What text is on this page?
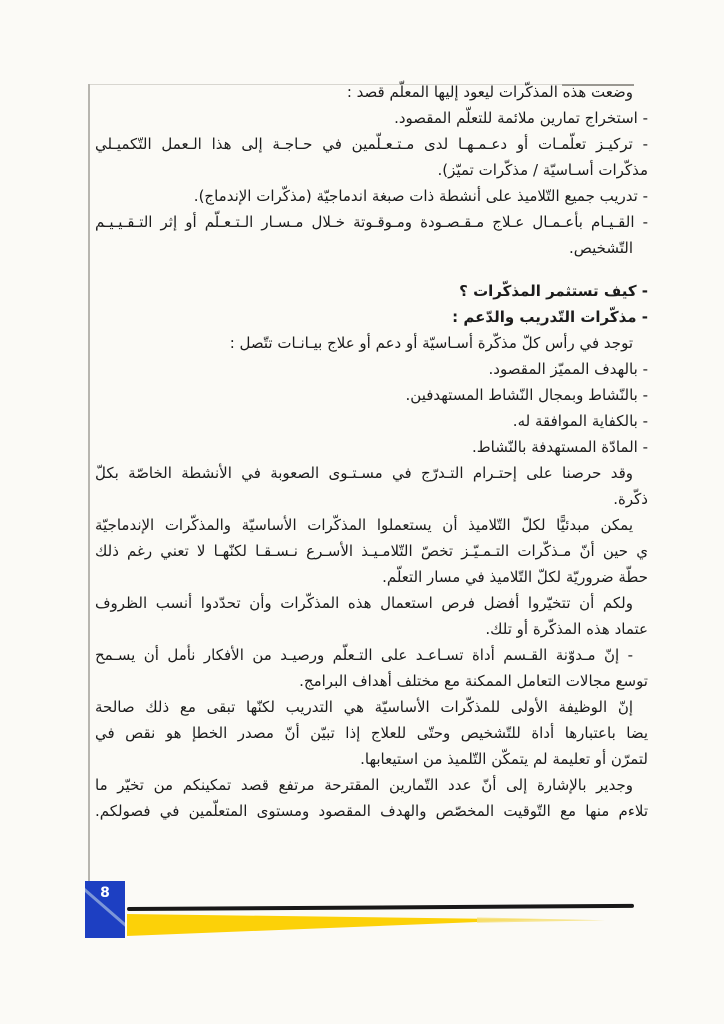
وضعت هذه المذكّرات ليعود إليها المعلّم قصد :
- استخراج تمارين ملائمة للتعلّم المقصود.
- تركيـز تعلّمـات أو دعـمـهـا لدى مـتـعـلّمين في حـاجـة إلى هذا الـعمل التّكميـلي
مذكّرات أسـاسيّة / مذكّرات تميّز).
- تدريب جميع التّلاميذ على أنشطة ذات صبغة اندماجيّة (مذكّرات الإندماج).
- القـيـام بأعـمـال عـلاج مـقـصـودة ومـوقـوتة خـلال مـسـار الـتـعـلّم أو إثر التـقـيـيـم
التّشخيص.
- كيف تستثمر المذكّرات ؟
- مذكّرات التّدريب والدّعم :
توجد في رأس كلّ مذكّرة أسـاسيّة أو دعم أو علاج بيـانـات تتّصل :
- بالهدف المميّز المقصود.
- بالنّشاط وبمجال النّشاط المستهدفين.
- بالكفاية الموافقة له.
- المادّة المستهدفة بالنّشاط.
وقد حرصنا على إحتـرام التـدرّج في مسـتـوى الصعوبة في الأنشطة الخاصّة بكلّ
ذكّرة.
يمكن مبدئيًّا لكلّ التّلاميذ أن يستعملوا المذكّرات الأساسيّة والمذكّرات الإندماجيّة
ي حين أنّ مـذكّرات التـمـيّـز تخصّ التّلامـيـذ الأسـرع نـسـقـا لكنّهـا لا تعني رغم ذلك
حطّة ضروريّة لكلّ التّلاميذ في مسار التعلّم.
ولكم أن تتخيّروا أفضل فرص استعمال هذه المذكّرات وأن تحدّدوا أنسب الظروف
عتماد هذه المذكّرة أو تلك.
- إنّ مـدوّنة القـسم أداة تسـاعـد على التـعلّم ورصيـد من الأفكار نأمل أن يسـمح
توسع مجالات التعامل الممكنة مع مختلف أهداف البرامج.
إنّ الوظيفة الأولى للمذكّرات الأساسيّة هي التدريب لكنّها تبقى مع ذلك صالحة
يضا باعتبارها أداة للتّشخيص وحتّى للعلاج إذا تبيّن أنّ مصدر الخطإ هو نقص في
لتمرّن أو تعليمة لم يتمكّن التّلميذ من استيعابها.
وجدير بالإشارة إلى أنّ عدد التّمارين المقترحة مرتفع قصد تمكينكم من تخيّر ما
تلاءم منها مع التّوقيت المخصّص والهدف المقصود ومستوى المتعلّمين في فصولكم.
8
